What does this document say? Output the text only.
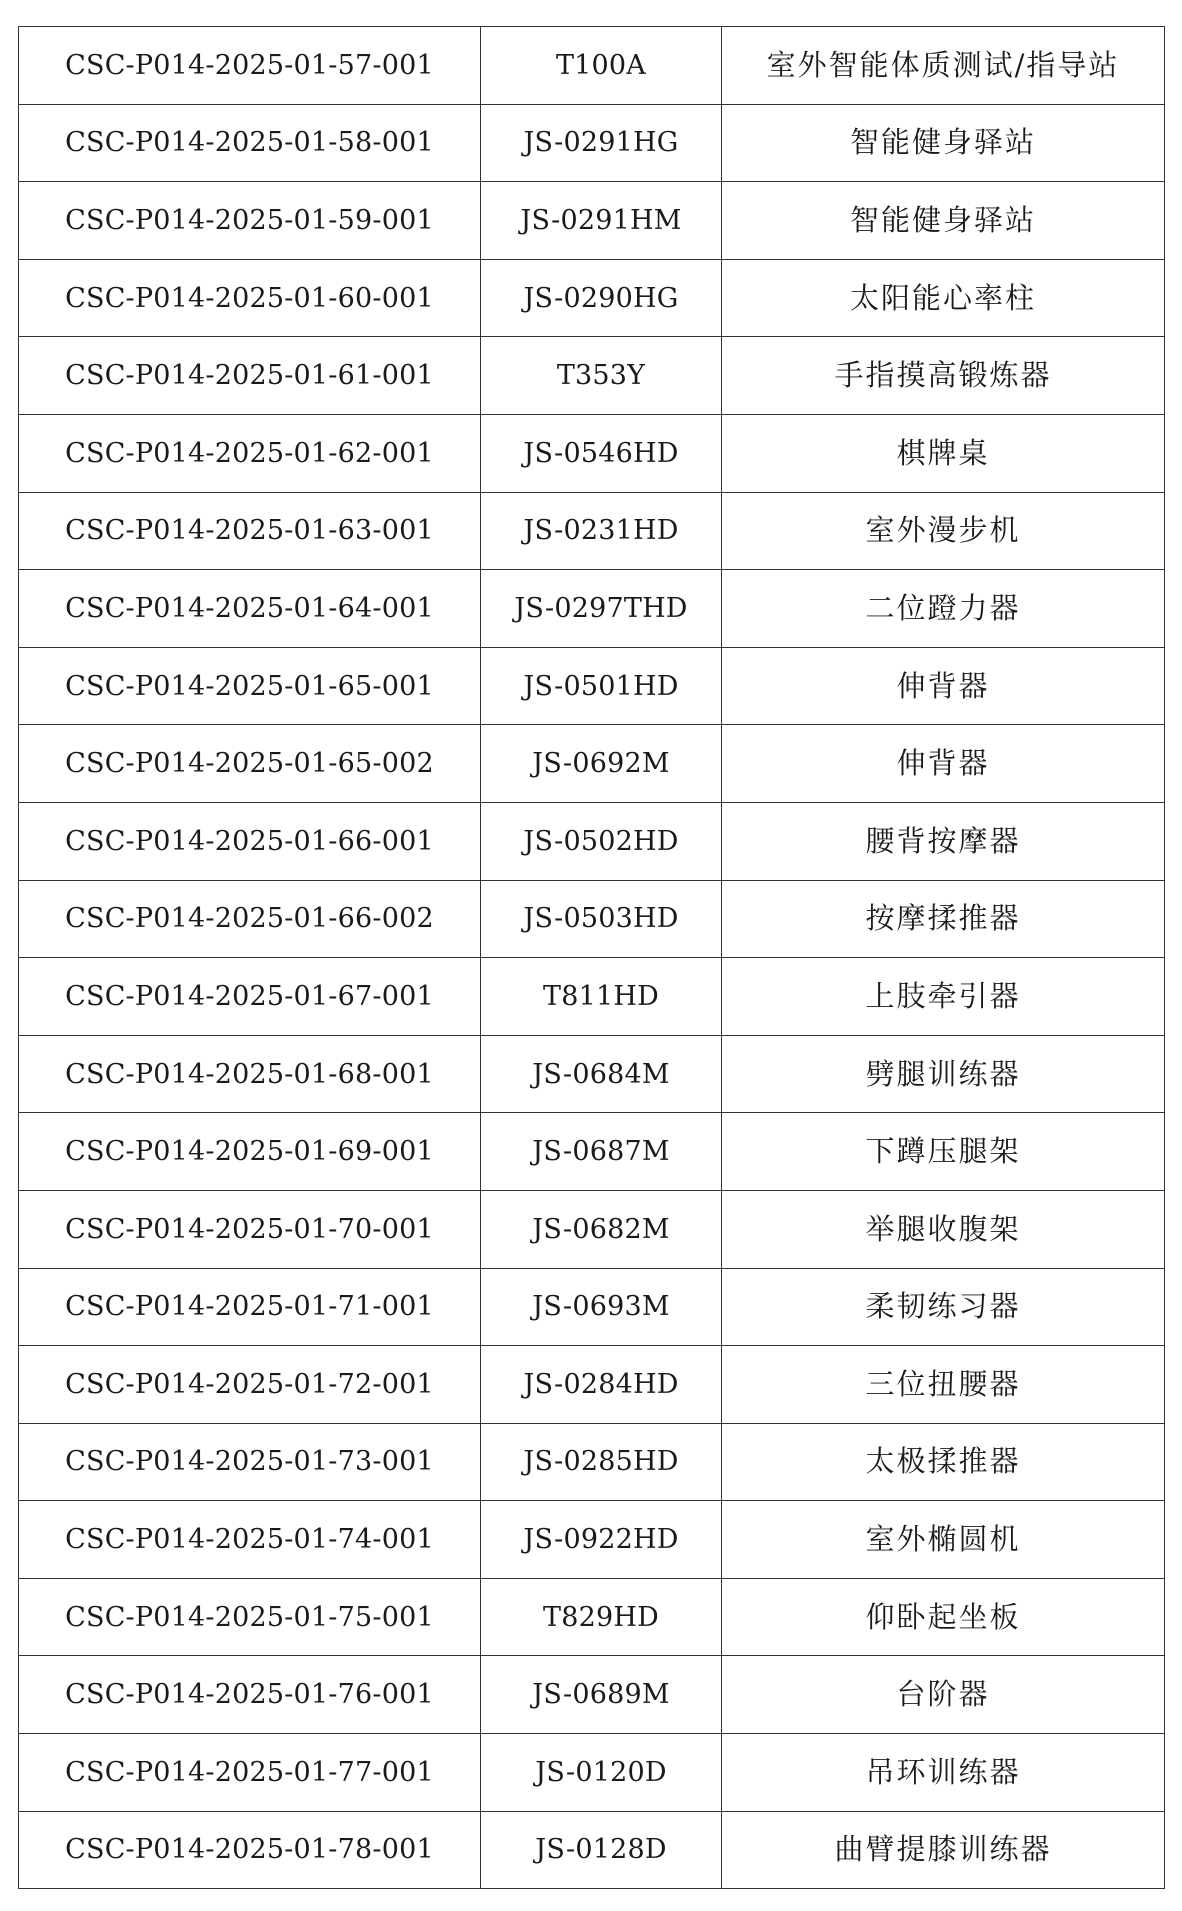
CSC-P014-2025-01-57-001	T100A	室外智能体质测试/指导站
CSC-P014-2025-01-58-001	JS-0291HG	智能健身驿站
CSC-P014-2025-01-59-001	JS-0291HM	智能健身驿站
CSC-P014-2025-01-60-001	JS-0290HG	太阳能心率柱
CSC-P014-2025-01-61-001	T353Y	手指摸高锻炼器
CSC-P014-2025-01-62-001	JS-0546HD	棋牌桌
CSC-P014-2025-01-63-001	JS-0231HD	室外漫步机
CSC-P014-2025-01-64-001	JS-0297THD	二位蹬力器
CSC-P014-2025-01-65-001	JS-0501HD	伸背器
CSC-P014-2025-01-65-002	JS-0692M	伸背器
CSC-P014-2025-01-66-001	JS-0502HD	腰背按摩器
CSC-P014-2025-01-66-002	JS-0503HD	按摩揉推器
CSC-P014-2025-01-67-001	T811HD	上肢牵引器
CSC-P014-2025-01-68-001	JS-0684M	劈腿训练器
CSC-P014-2025-01-69-001	JS-0687M	下蹲压腿架
CSC-P014-2025-01-70-001	JS-0682M	举腿收腹架
CSC-P014-2025-01-71-001	JS-0693M	柔韧练习器
CSC-P014-2025-01-72-001	JS-0284HD	三位扭腰器
CSC-P014-2025-01-73-001	JS-0285HD	太极揉推器
CSC-P014-2025-01-74-001	JS-0922HD	室外椭圆机
CSC-P014-2025-01-75-001	T829HD	仰卧起坐板
CSC-P014-2025-01-76-001	JS-0689M	台阶器
CSC-P014-2025-01-77-001	JS-0120D	吊环训练器
CSC-P014-2025-01-78-001	JS-0128D	曲臂提膝训练器
